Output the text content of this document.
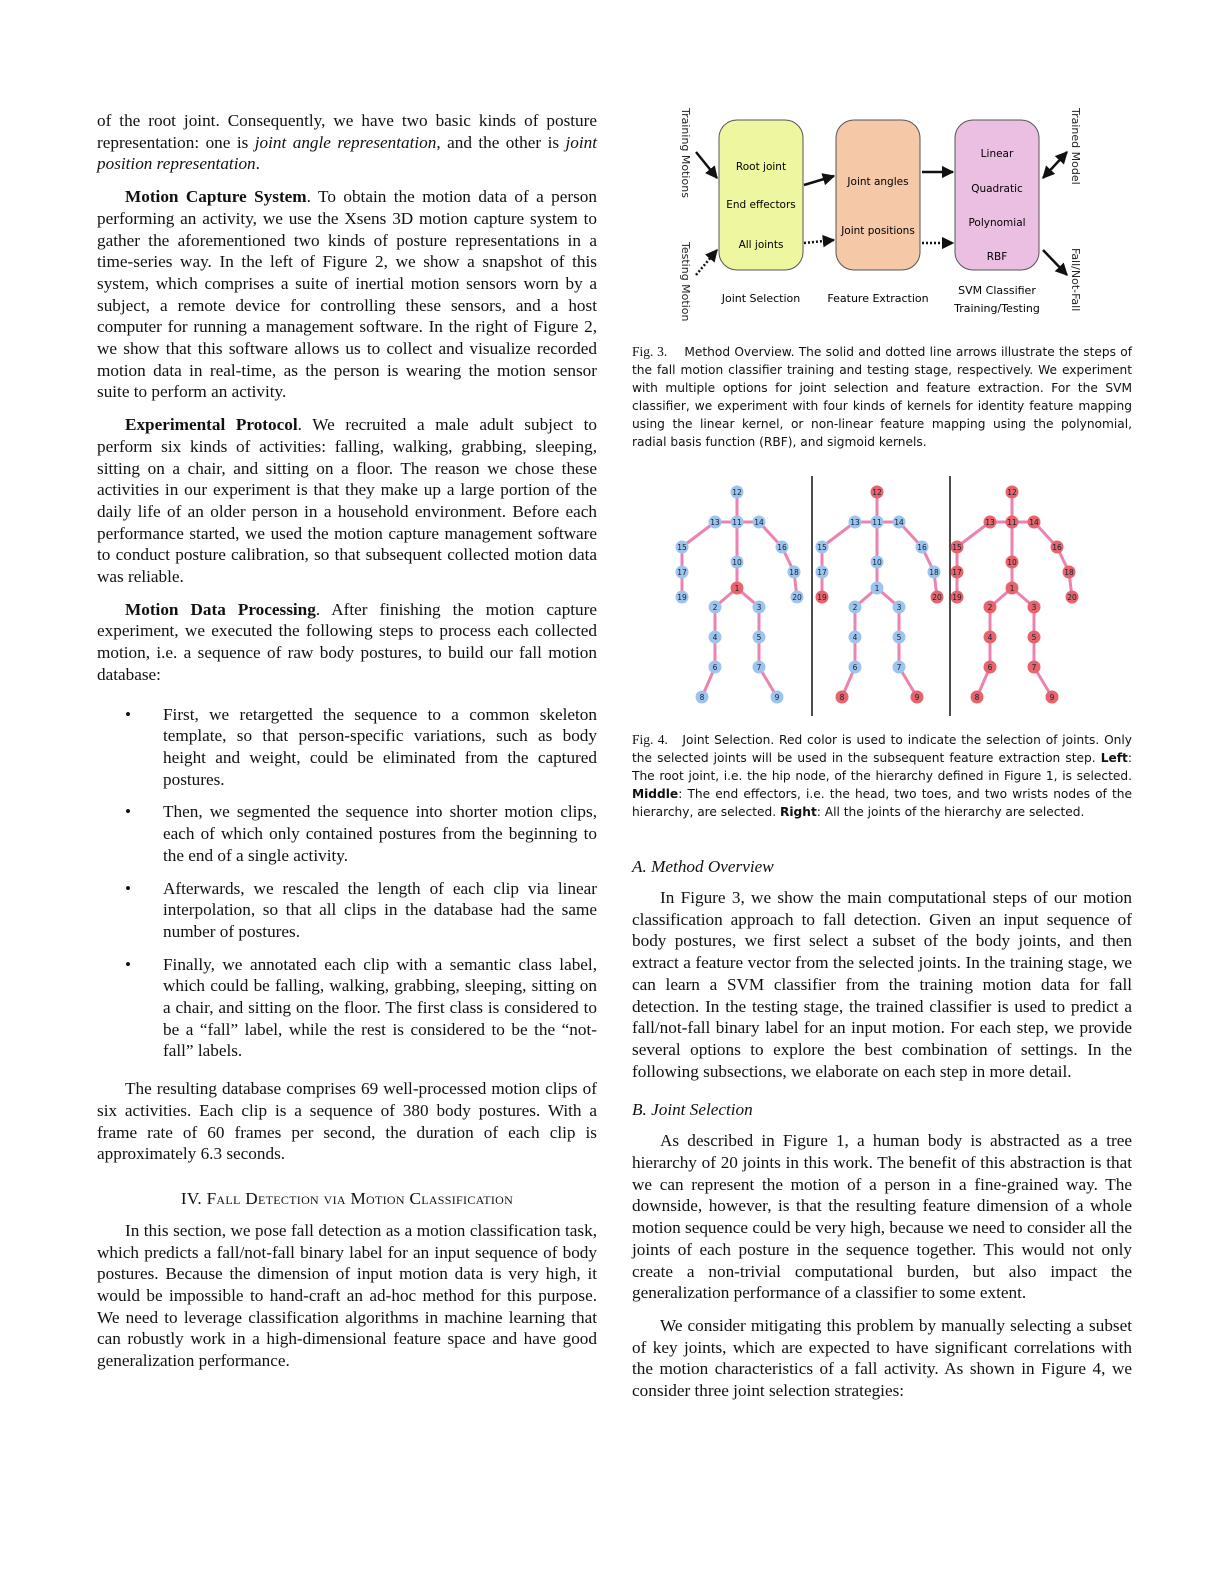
of the root joint. Consequently, we have two basic kinds of posture representation: one is joint angle representation, and the other is joint position representation.

Motion Capture System. To obtain the motion data of a person performing an activity, we use the Xsens 3D motion capture system to gather the aforementioned two kinds of posture representations in a time-series way. In the left of Figure 2, we show a snapshot of this system, which comprises a suite of inertial motion sensors worn by a subject, a remote device for controlling these sensors, and a host computer for running a management software. In the right of Figure 2, we show that this software allows us to collect and visualize recorded motion data in real-time, as the person is wearing the motion sensor suite to perform an activity.

Experimental Protocol. We recruited a male adult subject to perform six kinds of activities: falling, walking, grabbing, sleeping, sitting on a chair, and sitting on a floor. The reason we chose these activities in our experiment is that they make up a large portion of the daily life of an older person in a household environment. Before each performance started, we used the motion capture management software to conduct posture calibration, so that subsequent collected motion data was reliable.

Motion Data Processing. After finishing the motion capture experiment, we executed the following steps to process each collected motion, i.e. a sequence of raw body postures, to build our fall motion database:

• First, we retargetted the sequence to a common skeleton template, so that person-specific variations, such as body height and weight, could be eliminated from the captured postures.
• Then, we segmented the sequence into shorter motion clips, each of which only contained postures from the beginning to the end of a single activity.
• Afterwards, we rescaled the length of each clip via linear interpolation, so that all clips in the database had the same number of postures.
• Finally, we annotated each clip with a semantic class label, which could be falling, walking, grabbing, sleeping, sitting on a chair, and sitting on the floor. The first class is considered to be a “fall” label, while the rest is considered to be the “not-fall” labels.

The resulting database comprises 69 well-processed motion clips of six activities. Each clip is a sequence of 380 body postures. With a frame rate of 60 frames per second, the duration of each clip is approximately 6.3 seconds.

IV. Fall Detection via Motion Classification

In this section, we pose fall detection as a motion classification task, which predicts a fall/not-fall binary label for an input sequence of body postures. Because the dimension of input motion data is very high, it would be impossible to hand-craft an ad-hoc method for this purpose. We need to leverage classification algorithms in machine learning that can robustly work in a high-dimensional feature space and have good generalization performance.

Training Motions
Testing Motion
Trained Model
Fall/Not-Fall
Root joint
End effectors
All joints
Joint angles
Joint positions
Linear
Quadratic
Polynomial
RBF
Joint Selection Feature Extraction
SVM Classifier
Training/Testing

Fig. 3. Method Overview. The solid and dotted line arrows illustrate the steps of the fall motion classifier training and testing stage, respectively. We experiment with multiple options for joint selection and feature extraction. For the SVM classifier, we experiment with four kinds of kernels for identity feature mapping using the linear kernel, or non-linear feature mapping using the polynomial, radial basis function (RBF), and sigmoid kernels.

1
2	3
4	5
6	7
8	9
10
11
12
13	14
15	16
17	18
19	20
1
2	3
4	5
6	7
8	9
10
11
12
13	14
15	16
17	18
19	20
1
2	3
4	5
6	7
8	9
10
11
12
13	14
15	16
17	18
19	20

Fig. 4. Joint Selection. Red color is used to indicate the selection of joints. Only the selected joints will be used in the subsequent feature extraction step. Left: The root joint, i.e. the hip node, of the hierarchy defined in Figure 1, is selected. Middle: The end effectors, i.e. the head, two toes, and two wrists nodes of the hierarchy, are selected. Right: All the joints of the hierarchy are selected.

A. Method Overview

In Figure 3, we show the main computational steps of our motion classification approach to fall detection. Given an input sequence of body postures, we first select a subset of the body joints, and then extract a feature vector from the selected joints. In the training stage, we can learn a SVM classifier from the training motion data for fall detection. In the testing stage, the trained classifier is used to predict a fall/not-fall binary label for an input motion. For each step, we provide several options to explore the best combination of settings. In the following subsections, we elaborate on each step in more detail.

B. Joint Selection

As described in Figure 1, a human body is abstracted as a tree hierarchy of 20 joints in this work. The benefit of this abstraction is that we can represent the motion of a person in a fine-grained way. The downside, however, is that the resulting feature dimension of a whole motion sequence could be very high, because we need to consider all the joints of each posture in the sequence together. This would not only create a non-trivial computational burden, but also impact the generalization performance of a classifier to some extent.

We consider mitigating this problem by manually selecting a subset of key joints, which are expected to have significant correlations with the motion characteristics of a fall activity. As shown in Figure 4, we consider three joint selection strategies:
